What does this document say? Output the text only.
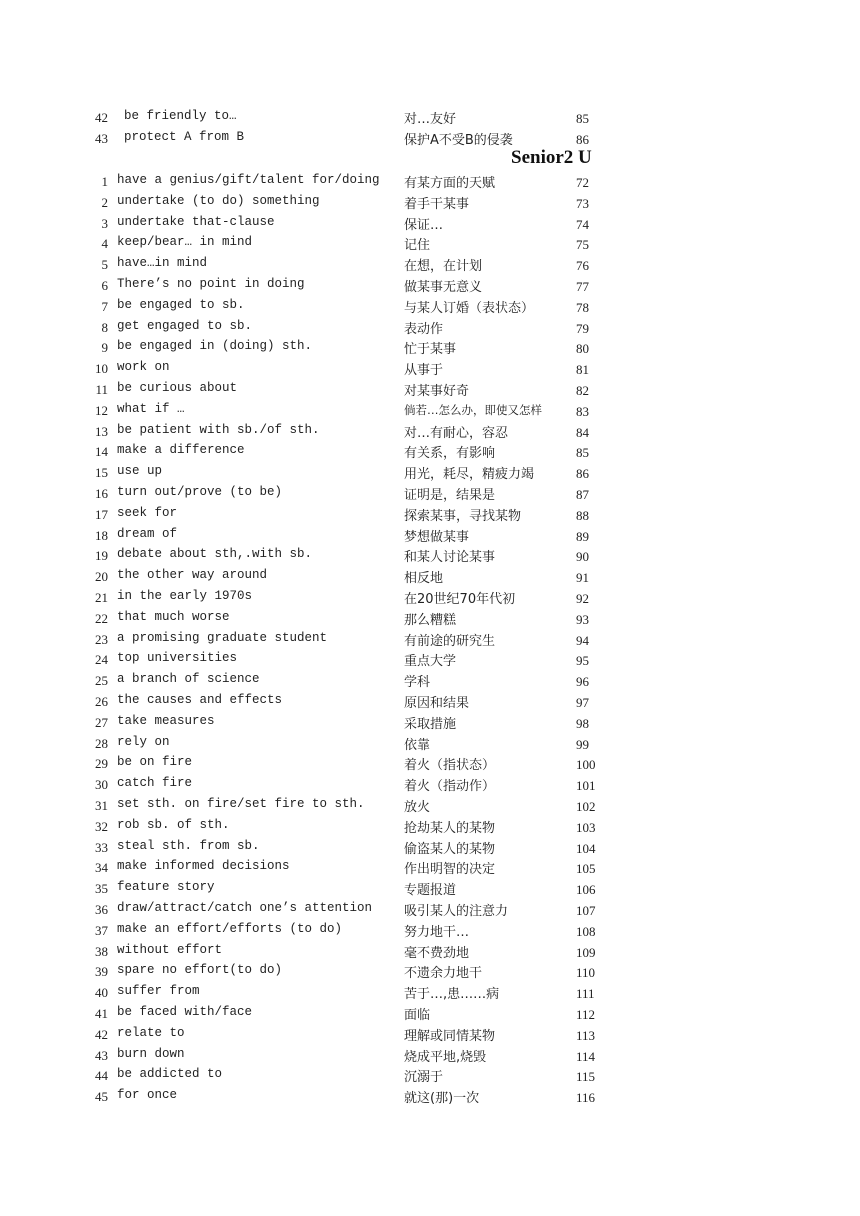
42 be friendly to…	对…友好	85
43 protect A from B	保护A不受B的侵袭	86
Senior2 U
1 have a genius/gift/talent for/doing 有某方面的天赋	72
2 undertake (to do) something	着手干某事	73
3 undertake that-clause	保证…	74
4 keep/bear… in mind	记住	75
5 have…in mind	在想，在计划	76
6 There’s no point in doing	做某事无意义	77
7 be engaged to sb.	与某人订婚（表状态）	78
8 get engaged to sb.	表动作	79
9 be engaged in (doing) sth.	忙于某事	80
10 work on	从事于	81
11 be curious about	对某事好奇	82
12 what if …	倘若…怎么办，即使又怎样	83
13 be patient with sb./of sth.	对…有耐心，容忍	84
14 make a difference	有关系，有影响	85
15 use up	用光，耗尽，精疲力竭	86
16 turn out/prove (to be)	证明是，结果是	87
17 seek for	探索某事，寻找某物	88
18 dream of	梦想做某事	89
19 debate about sth,.with sb.	和某人讨论某事	90
20 the other way around	相反地	91
21 in the early 1970s	在20世纪70年代初	92
22 that much worse	那么糟糕	93
23 a promising graduate student	有前途的研究生	94
24 top universities	重点大学	95
25 a branch of science	学科	96
26 the causes and effects	原因和结果	97
27 take measures	采取措施	98
28 rely on	依靠	99
29 be on fire	着火（指状态）	100
30 catch fire	着火（指动作）	101
31 set sth. on fire/set fire to sth.	放火	102
32 rob sb. of sth.	抢劫某人的某物	103
33 steal sth. from sb.	偷盗某人的某物	104
34 make informed decisions	作出明智的决定	105
35 feature story	专题报道	106
36 draw/attract/catch one’s attention 吸引某人的注意力	107
37 make an effort/efforts (to do)	努力地干…	108
38 without effort	毫不费劲地	109
39 spare no effort(to do)	不遗余力地干	110
40 suffer from	苦于…,患……病	111
41 be faced with/face	面临	112
42 relate to	理解或同情某物	113
43 burn down	烧成平地,烧毁	114
44 be addicted to	沉溺于	115
45 for once	就这(那)一次	116
